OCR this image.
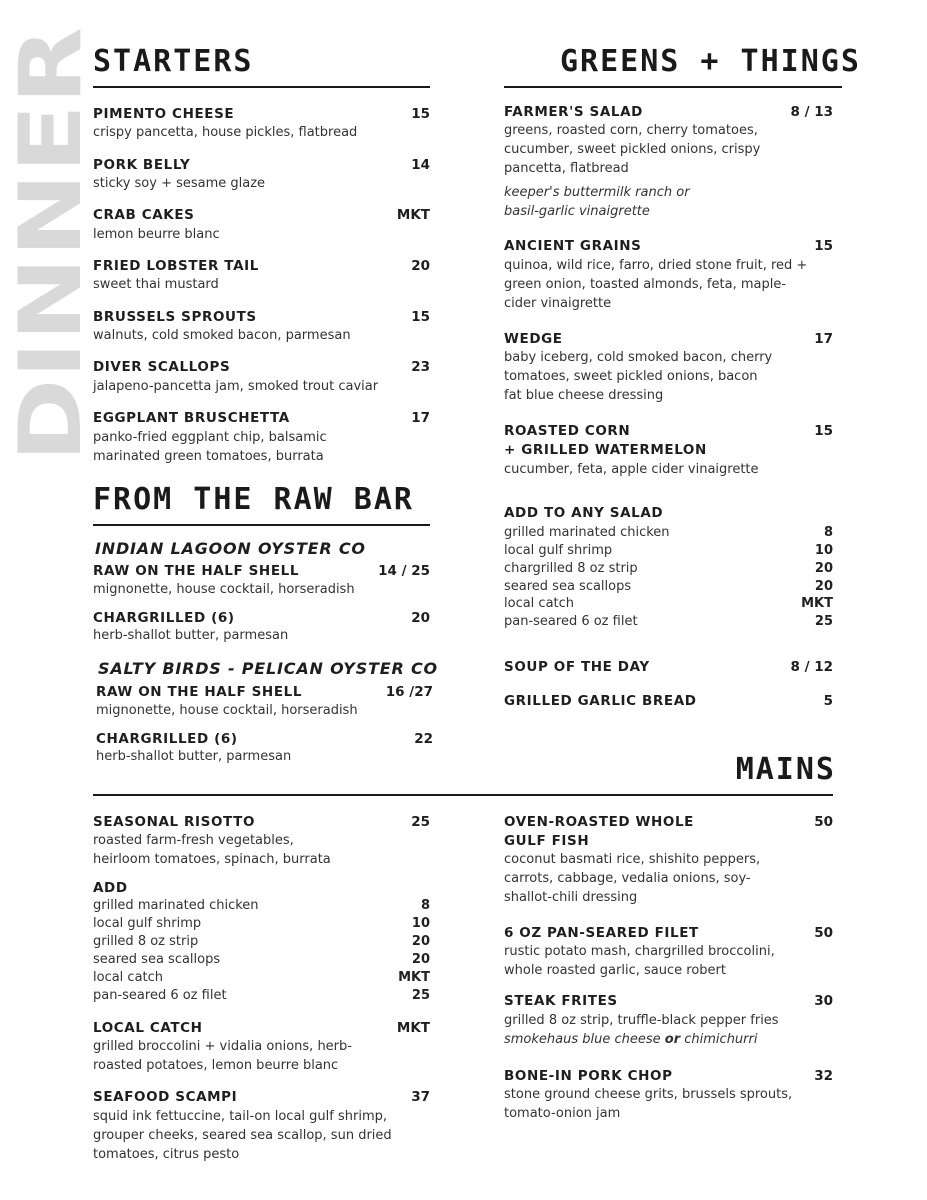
DINNER
STARTERS
PIMENTO CHEESE	15
crispy pancetta, house pickles, flatbread
PORK BELLY	14
sticky soy + sesame glaze
CRAB CAKES	MKT
lemon beurre blanc
FRIED LOBSTER TAIL	20
sweet thai mustard
BRUSSELS SPROUTS	15
walnuts, cold smoked bacon, parmesan
DIVER SCALLOPS	23
jalapeno-pancetta jam, smoked trout caviar
EGGPLANT BRUSCHETTA	17
panko-fried eggplant chip, balsamic marinated green tomatoes, burrata
FROM THE RAW BAR
INDIAN LAGOON OYSTER CO
RAW ON THE HALF SHELL	14 / 25
mignonette, house cocktail, horseradish
CHARGRILLED (6)	20
herb-shallot butter, parmesan
SALTY BIRDS - PELICAN OYSTER CO
RAW ON THE HALF SHELL	16 /27
mignonette, house cocktail, horseradish
CHARGRILLED (6)	22
herb-shallot butter, parmesan
GREENS + THINGS
FARMER'S SALAD	8 / 13
greens, roasted corn, cherry tomatoes, cucumber, sweet pickled onions, crispy pancetta, flatbread
keeper's buttermilk ranch or basil-garlic vinaigrette
ANCIENT GRAINS	15
quinoa, wild rice, farro, dried stone fruit, red + green onion, toasted almonds, feta, maple-cider vinaigrette
WEDGE	17
baby iceberg, cold smoked bacon, cherry tomatoes, sweet pickled onions, bacon fat blue cheese dressing
ROASTED CORN
+ GRILLED WATERMELON
15
cucumber, feta, apple cider vinaigrette
ADD TO ANY SALAD
grilled marinated chicken	8
local gulf shrimp	10
chargrilled 8 oz strip	20
seared sea scallops	20
local catch	MKT
pan-seared 6 oz filet	25
SOUP OF THE DAY	8 / 12
GRILLED GARLIC BREAD	5
MAINS
SEASONAL RISOTTO	25
roasted farm-fresh vegetables, heirloom tomatoes, spinach, burrata
ADD
grilled marinated chicken	8
local gulf shrimp	10
grilled 8 oz strip	20
seared sea scallops	20
local catch	MKT
pan-seared 6 oz filet	25
LOCAL CATCH	MKT
grilled broccolini + vidalia onions, herb-roasted potatoes, lemon beurre blanc
SEAFOOD SCAMPI	37
squid ink fettuccine, tail-on local gulf shrimp, grouper cheeks, seared sea scallop, sun dried tomatoes, citrus pesto
OVEN-ROASTED WHOLE
GULF FISH
50
coconut basmati rice, shishito peppers, carrots, cabbage, vedalia onions, soy-shallot-chili dressing
6 OZ PAN-SEARED FILET	50
rustic potato mash, chargrilled broccolini, whole roasted garlic, sauce robert
STEAK FRITES	30
grilled 8 oz strip, truffle-black pepper fries
smokehaus blue cheese or chimichurri
BONE-IN PORK CHOP	32
stone ground cheese grits, brussels sprouts, tomato-onion jam
